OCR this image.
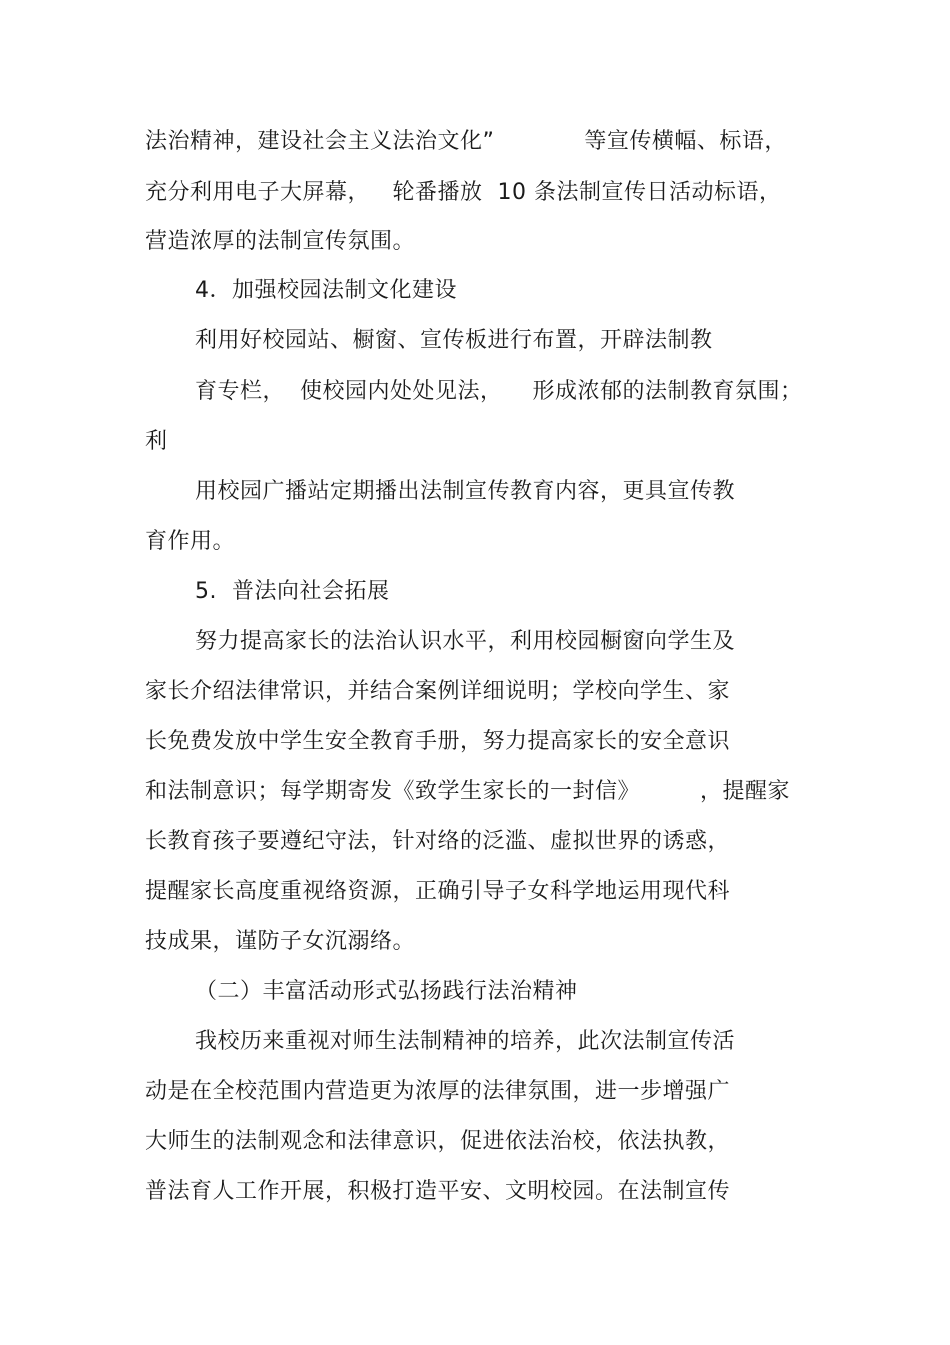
法治精神，建设社会主义法治文化”            等宣传横幅、标语，
充分利用电子大屏幕，   轮番播放  10 条法制宣传日活动标语，
营造浓厚的法制宣传氛围。
4．加强校园法制文化建设
利用好校园站、橱窗、宣传板进行布置，开辟法制教
育专栏，  使校园内处处见法，    形成浓郁的法制教育氛围；
利
用校园广播站定期播出法制宣传教育内容，更具宣传教
育作用。
5.  普法向社会拓展
努力提高家长的法治认识水平，利用校园橱窗向学生及
家长介绍法律常识，并结合案例详细说明；学校向学生、家
长免费发放中学生安全教育手册，努力提高家长的安全意识
和法制意识；每学期寄发《致学生家长的一封信》        ，提醒家
长教育孩子要遵纪守法，针对络的泛滥、虚拟世界的诱惑，
提醒家长高度重视络资源，正确引导子女科学地运用现代科
技成果，谨防子女沉溺络。
（二）丰富活动形式弘扬践行法治精神
我校历来重视对师生法制精神的培养，此次法制宣传活
动是在全校范围内营造更为浓厚的法律氛围，进一步增强广
大师生的法制观念和法律意识，促进依法治校，依法执教，
普法育人工作开展，积极打造平安、文明校园。在法制宣传
